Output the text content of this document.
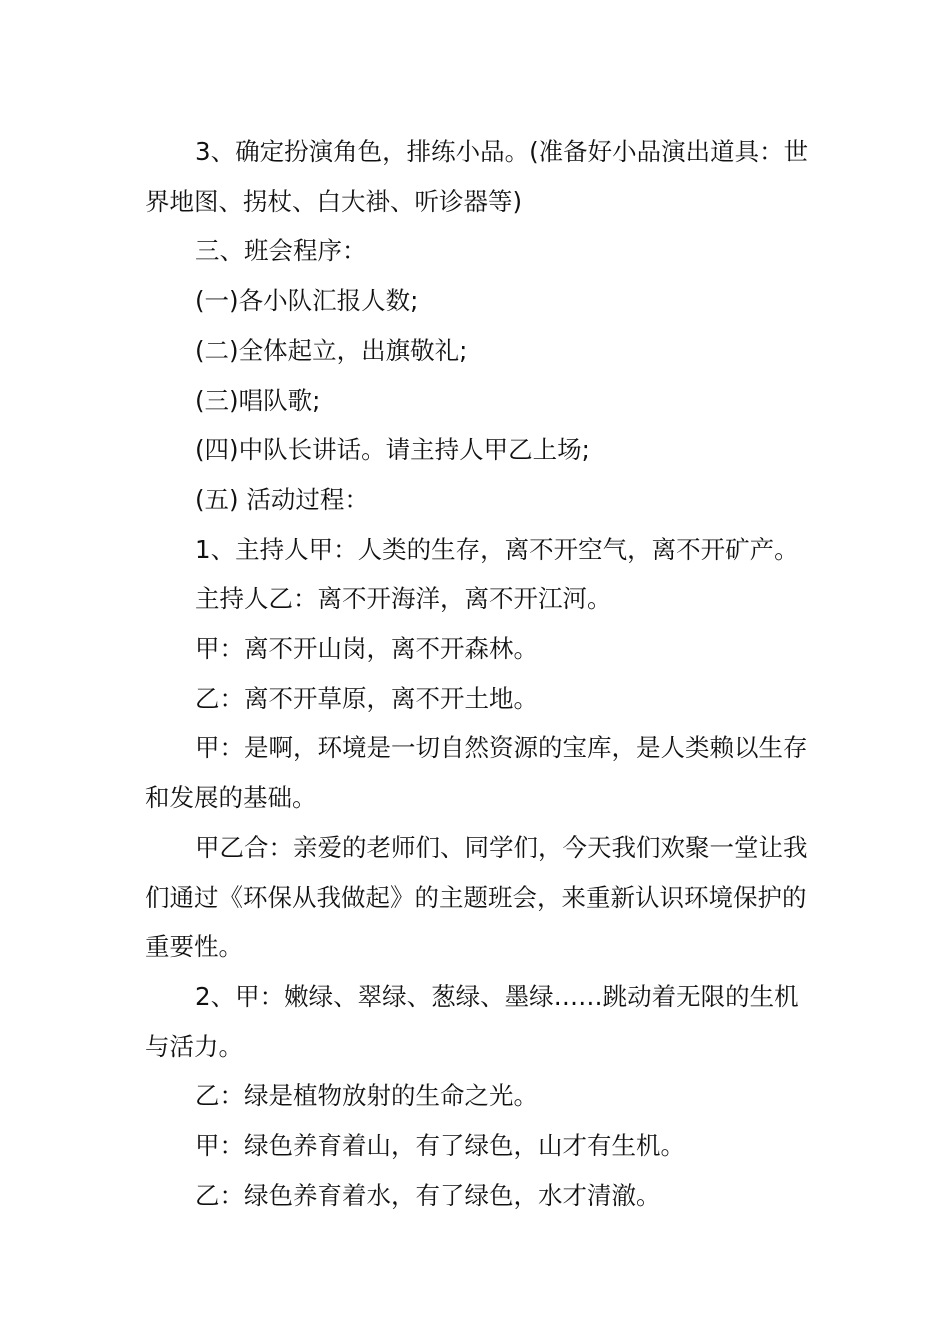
3、确定扮演角色，排练小品。(准备好小品演出道具：世界地图、拐杖、白大褂、听诊器等)

三、班会程序：

(一)各小队汇报人数;

(二)全体起立，出旗敬礼;

(三)唱队歌;

(四)中队长讲话。请主持人甲乙上场;

(五) 活动过程：

1、主持人甲：人类的生存，离不开空气，离不开矿产。

主持人乙：离不开海洋，离不开江河。

甲：离不开山岗，离不开森林。

乙：离不开草原，离不开土地。

甲：是啊，环境是一切自然资源的宝库，是人类赖以生存和发展的基础。

甲乙合：亲爱的老师们、同学们，今天我们欢聚一堂让我们通过《环保从我做起》的主题班会，来重新认识环境保护的重要性。

2、甲：嫩绿、翠绿、葱绿、墨绿……跳动着无限的生机与活力。

乙：绿是植物放射的生命之光。

甲：绿色养育着山，有了绿色，山才有生机。

乙：绿色养育着水，有了绿色，水才清澈。
